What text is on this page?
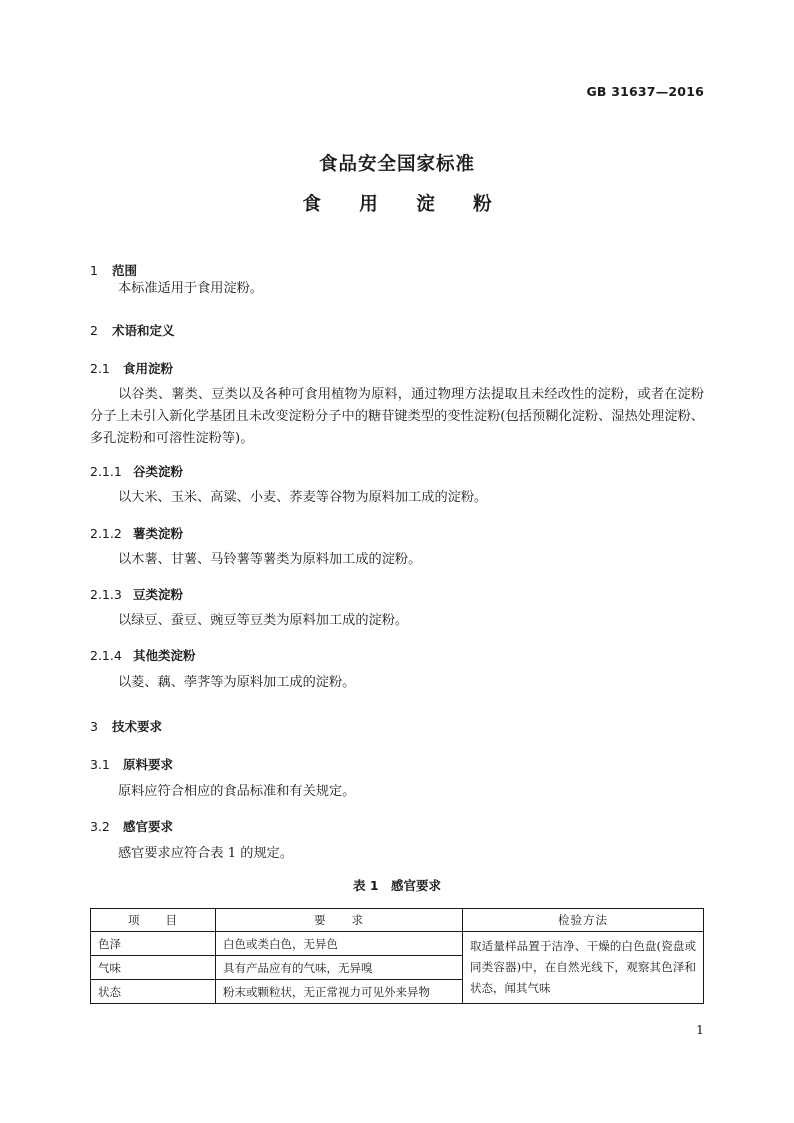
GB 31637—2016
食品安全国家标准
食 用 淀 粉
1	范围
本标准适用于食用淀粉。
2	术语和定义
2.1	食用淀粉
以谷类、薯类、豆类以及各种可食用植物为原料，通过物理方法提取且未经改性的淀粉，或者在淀粉分子上未引入新化学基团且未改变淀粉分子中的糖苷键类型的变性淀粉(包括预糊化淀粉、湿热处理淀粉、多孔淀粉和可溶性淀粉等)。
2.1.1 谷类淀粉
以大米、玉米、高粱、小麦、荞麦等谷物为原料加工成的淀粉。
2.1.2 薯类淀粉
以木薯、甘薯、马铃薯等薯类为原料加工成的淀粉。
2.1.3 豆类淀粉
以绿豆、蚕豆、豌豆等豆类为原料加工成的淀粉。
2.1.4 其他类淀粉
以菱、藕、荸荠等为原料加工成的淀粉。
3	技术要求
3.1	原料要求
原料应符合相应的食品标准和有关规定。
3.2	感官要求
感官要求应符合表 1 的规定。
表 1　感官要求
项　　目	要　　求	检验方法
色泽	白色或类白色，无异色	取适量样品置于洁净、干燥的白色盘(瓷盘或同类容器)中，在自然光线下，观察其色泽和状态，闻其气味
气味	具有产品应有的气味，无异嗅	
状态	粉末或颗粒状，无正常视力可见外来异物	
1
